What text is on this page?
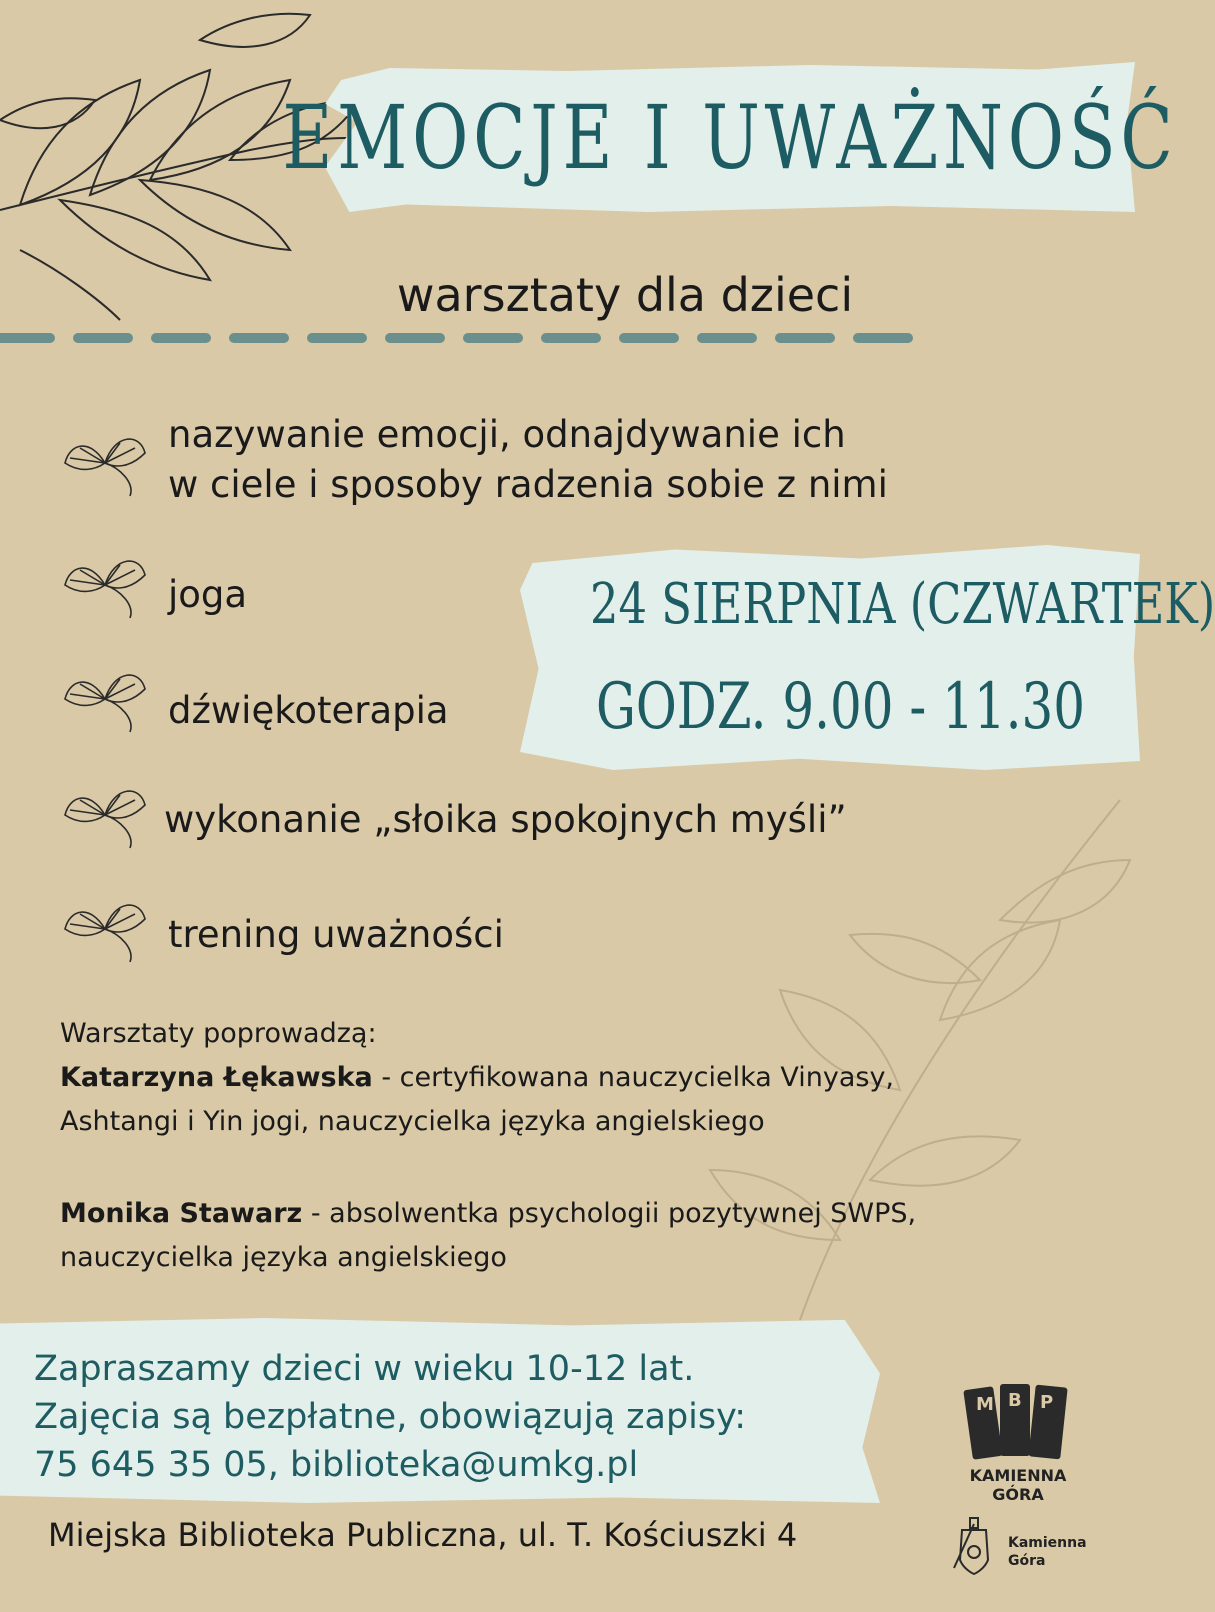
EMOCJE I UWAŻNOŚĆ
warsztaty dla dzieci
24 SIERPNIA (CZWARTEK)
GODZ. 9.00 - 11.30
nazywanie emocji, odnajdywanie ich
w ciele i sposoby radzenia sobie z nimi
joga
dźwiękoterapia
wykonanie „słoika spokojnych myśli”
trening uważności

Warsztaty poprowadzą:

Katarzyna Łękawska - certyfikowana nauczycielka Vinyasy,

Ashtangi i Yin jogi, nauczycielka języka angielskiego

Monika Stawarz - absolwentka psychologii pozytywnej SWPS,

nauczycielka języka angielskiego

Zapraszamy dzieci w wieku 10-12 lat.

Zajęcia są bezpłatne, obowiązują zapisy:

75 645 35 05, biblioteka@umkg.pl

Miejska Biblioteka Publiczna, ul. T. Kościuszki 4
M B P
KAMIENNA GÓRA

Kamienna

Góra
